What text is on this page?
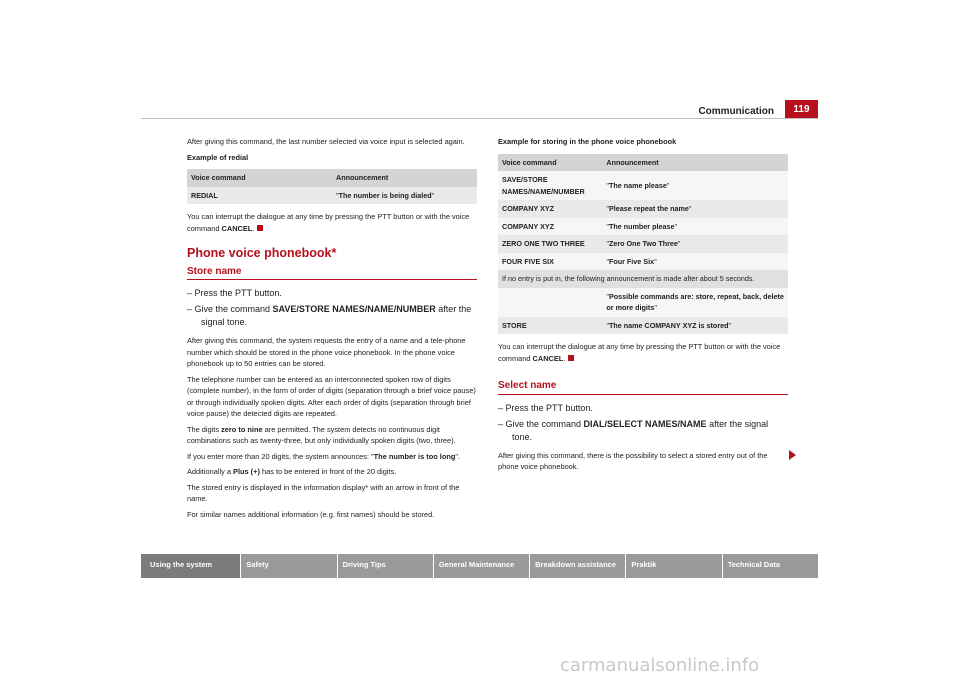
Communication	119

After giving this command, the last number selected via voice input is selected again.

Example of redial

Voice command	Announcement
REDIAL	"The number is being dialed"

You can interrupt the dialogue at any time by pressing the PTT button or with the voice command CANCEL.

Phone voice phonebook*
Store name
– Press the PTT button.
– Give the command SAVE/STORE NAMES/NAME/NUMBER after the signal tone.

After giving this command, the system requests the entry of a name and a tele-phone number which should be stored in the phone voice phonebook. In the phone voice phonebook up to 50 entries can be stored.

The telephone number can be entered as an interconnected spoken row of digits (complete number), in the form of order of digits (separation through a brief voice pause) or through individually spoken digits. After each order of digits (separation through brief voice pause) the detected digits are repeated.

The digits zero to nine are permitted. The system detects no continuous digit combinations such as twenty-three, but only individually spoken digits (two, three).

If you enter more than 20 digits, the system announces: "The number is too long".

Additionally a Plus (+) has to be entered in front of the 20 digits.

The stored entry is displayed in the information display* with an arrow in front of the name.

For similar names additional information (e.g. first names) should be stored.

Example for storing in the phone voice phonebook

Voice command	Announcement
SAVE/STORE NAMES/NAME/NUMBER	"The name please"
COMPANY XYZ	"Please repeat the name"
COMPANY XYZ	"The number please"
ZERO ONE TWO THREE	"Zero One Two Three"
FOUR FIVE SIX	"Four Five Six"
If no entry is put in, the following announcement is made after about 5 seconds.	
	"Possible commands are: store, repeat, back, delete or more digits"
STORE	"The name COMPANY XYZ is stored"

You can interrupt the dialogue at any time by pressing the PTT button or with the voice command CANCEL.

Select name
– Press the PTT button.
– Give the command DIAL/SELECT NAMES/NAME after the signal tone.

After giving this command, there is the possibility to select a stored entry out of the phone voice phonebook.

Using the system	Safety	Driving Tips	General Maintenance	Breakdown assistance	Praktik	Technical Data
carmanualsonline.info
